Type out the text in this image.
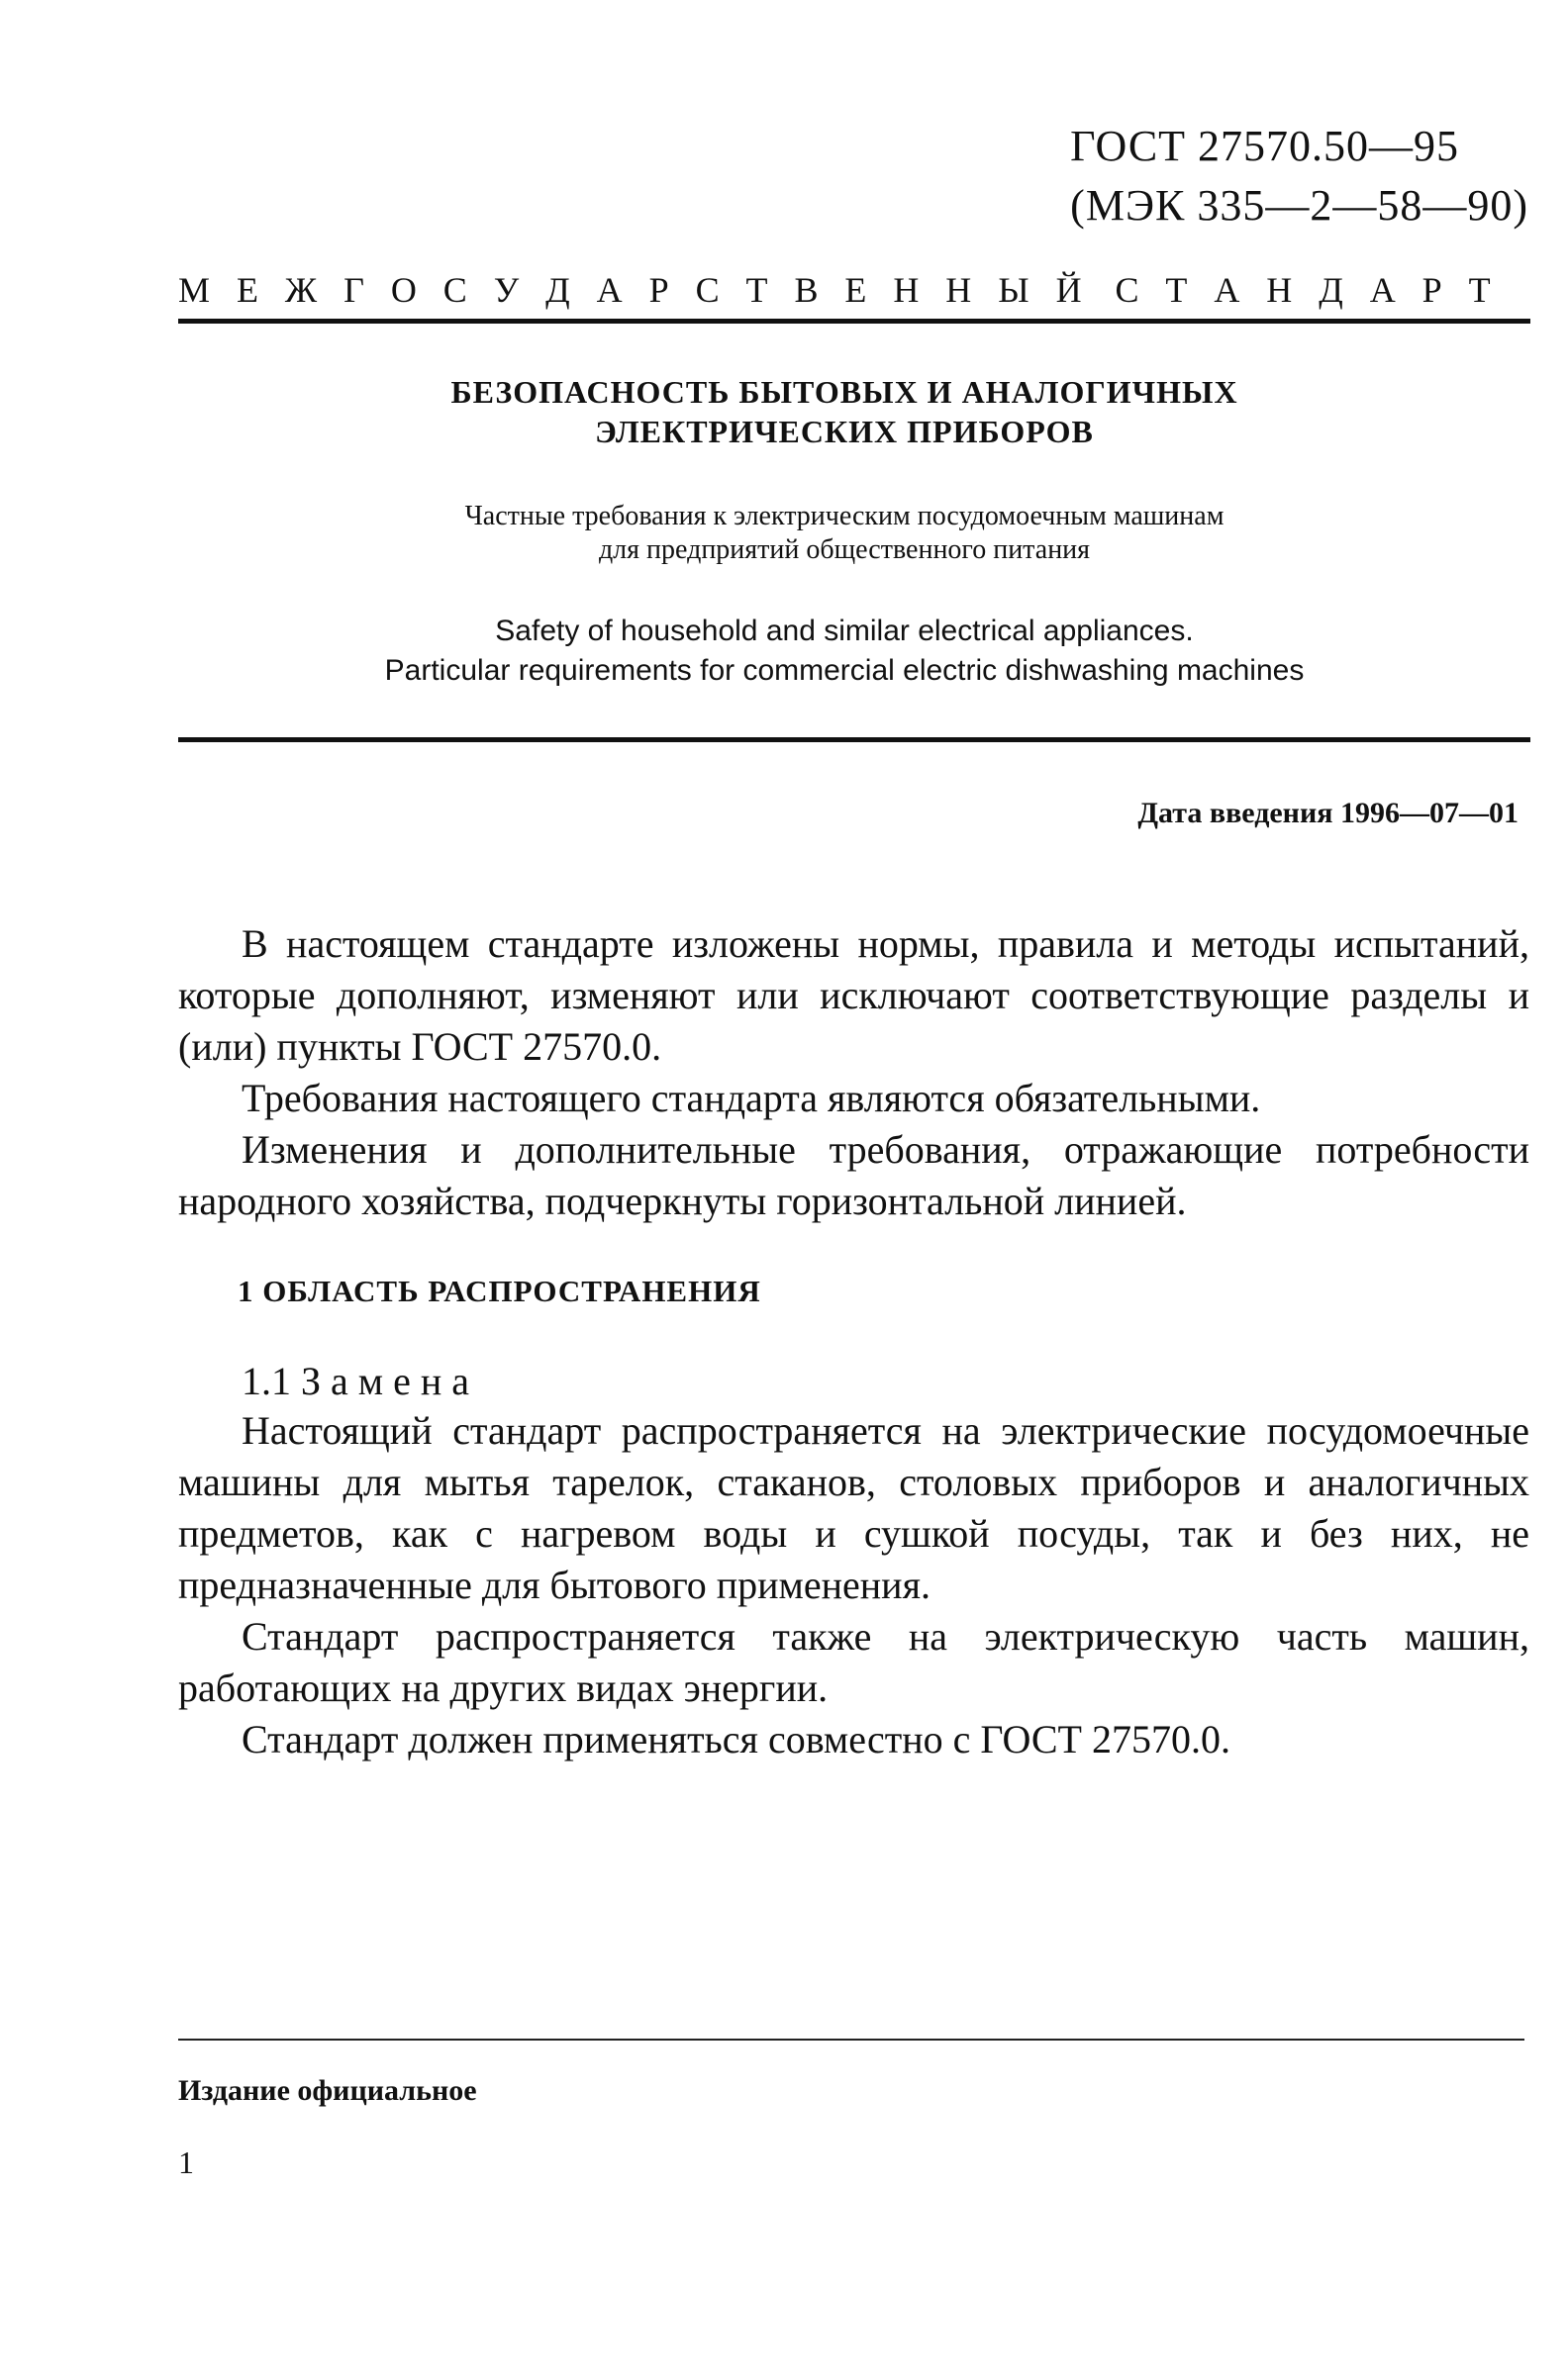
ГОСТ 27570.50—95
(МЭК 335—2—58—90)
М Е Ж Г О С У Д А Р С Т В Е Н Н Ы Й С Т А Н Д А Р Т
БЕЗОПАСНОСТЬ БЫТОВЫХ И АНАЛОГИЧНЫХ
ЭЛЕКТРИЧЕСКИХ ПРИБОРОВ
Частные требования к электрическим посудомоечным машинам
для предприятий общественного питания
Safety of household and similar electrical appliances.
Particular requirements for commercial electric dishwashing machines
Дата введения 1996—07—01

В настоящем стандарте изложены нормы, правила и методы испытаний, которые дополняют, изменяют или исключают соответствующие разделы и (или) пункты ГОСТ 27570.0.

Требования настоящего стандарта являются обязательными.

Изменения и дополнительные требования, отражающие потребности народного хозяйства, подчеркнуты горизонтальной линией.

1 ОБЛАСТЬ РАСПРОСТРАНЕНИЯ
1.1 Замена

Настоящий стандарт распространяется на электрические посудомоечные машины для мытья тарелок, стаканов, столовых приборов и аналогичных предметов, как с нагревом воды и сушкой посуды, так и без них, не предназначенные для бытового применения.

Стандарт распространяется также на электрическую часть машин, работающих на других видах энергии.

Стандарт должен применяться совместно с ГОСТ 27570.0.

Издание официальное
1
